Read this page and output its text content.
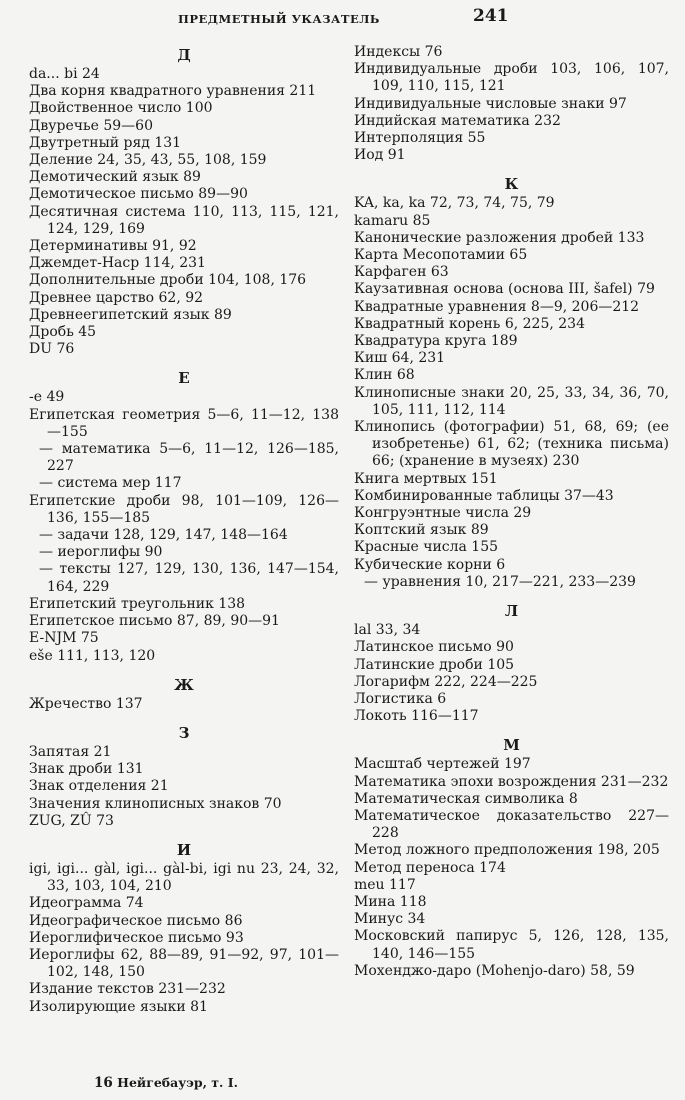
ПРЕДМЕТНЫЙ УКАЗАТЕЛЬ	241
Д

da... bi 24

Два корня квадратного уравнения 211

Двойственное число 100

Двуречье 59—60

Двутретный ряд 131

Деление 24, 35, 43, 55, 108, 159

Демотический язык 89

Демотическое письмо 89—90

Десятичная система 110, 113, 115, 121, 124, 129, 169

Детерминативы 91, 92

Джемдет-Наср 114, 231

Дополнительные дроби 104, 108, 176

Древнее царство 62, 92

Древнеегипетский язык 89

Дробь 45

DU 76

Е

-e 49

Египетская геометрия 5—6, 11—12, 138—155

— математика 5—6, 11—12, 126—185, 227

— система мер 117

Египетские дроби 98, 101—109, 126—136, 155—185

— задачи 128, 129, 147, 148—164

— иероглифы 90

— тексты 127, 129, 130, 136, 147—154, 164, 229

Египетский треугольник 138

Египетское письмо 87, 89, 90—91

E-NJM 75

eše 111, 113, 120

Ж

Жречество 137

З

Запятая 21

Знак дроби 131

Знак отделения 21

Значения клинописных знаков 70

ZUG, ZÛ 73

И

igi, igi... gàl, igi... gàl-bi, igi nu 23, 24, 32, 33, 103, 104, 210

Идеограмма 74

Идеографическое письмо 86

Иероглифическое письмо 93

Иероглифы 62, 88—89, 91—92, 97, 101—102, 148, 150

Издание текстов 231—232

Изолирующие языки 81

Индексы 76

Индивидуальные дроби 103, 106, 107, 109, 110, 115, 121

Индивидуальные числовые знаки 97

Индийская математика 232

Интерполяция 55

Иод 91

К

KA, ka, ka 72, 73, 74, 75, 79

kamaru 85

Канонические разложения дробей 133

Карта Месопотамии 65

Карфаген 63

Каузативная основа (основа III, šafel) 79

Квадратные уравнения 8—9, 206—212

Квадратный корень 6, 225, 234

Квадратура круга 189

Киш 64, 231

Клин 68

Клинописные знаки 20, 25, 33, 34, 36, 70, 105, 111, 112, 114

Клинопись (фотографии) 51, 68, 69; (ее изобретенье) 61, 62; (техника письма) 66; (хранение в музеях) 230

Книга мертвых 151

Комбинированные таблицы 37—43

Конгруэнтные числа 29

Коптский язык 89

Красные числа 155

Кубические корни 6

— уравнения 10, 217—221, 233—239

Л

lal 33, 34

Латинское письмо 90

Латинские дроби 105

Логарифм 222, 224—225

Логистика 6

Локоть 116—117

М

Масштаб чертежей 197

Математика эпохи возрождения 231—232

Математическая символика 8

Математическое доказательство 227—228

Метод ложного предположения 198, 205

Метод переноса 174

meu 117

Мина 118

Минус 34

Московский папирус 5, 126, 128, 135, 140, 146—155

Мохенджо-даро (Mohenjo-daro) 58, 59

16 Нейгебауэр, т. I.
